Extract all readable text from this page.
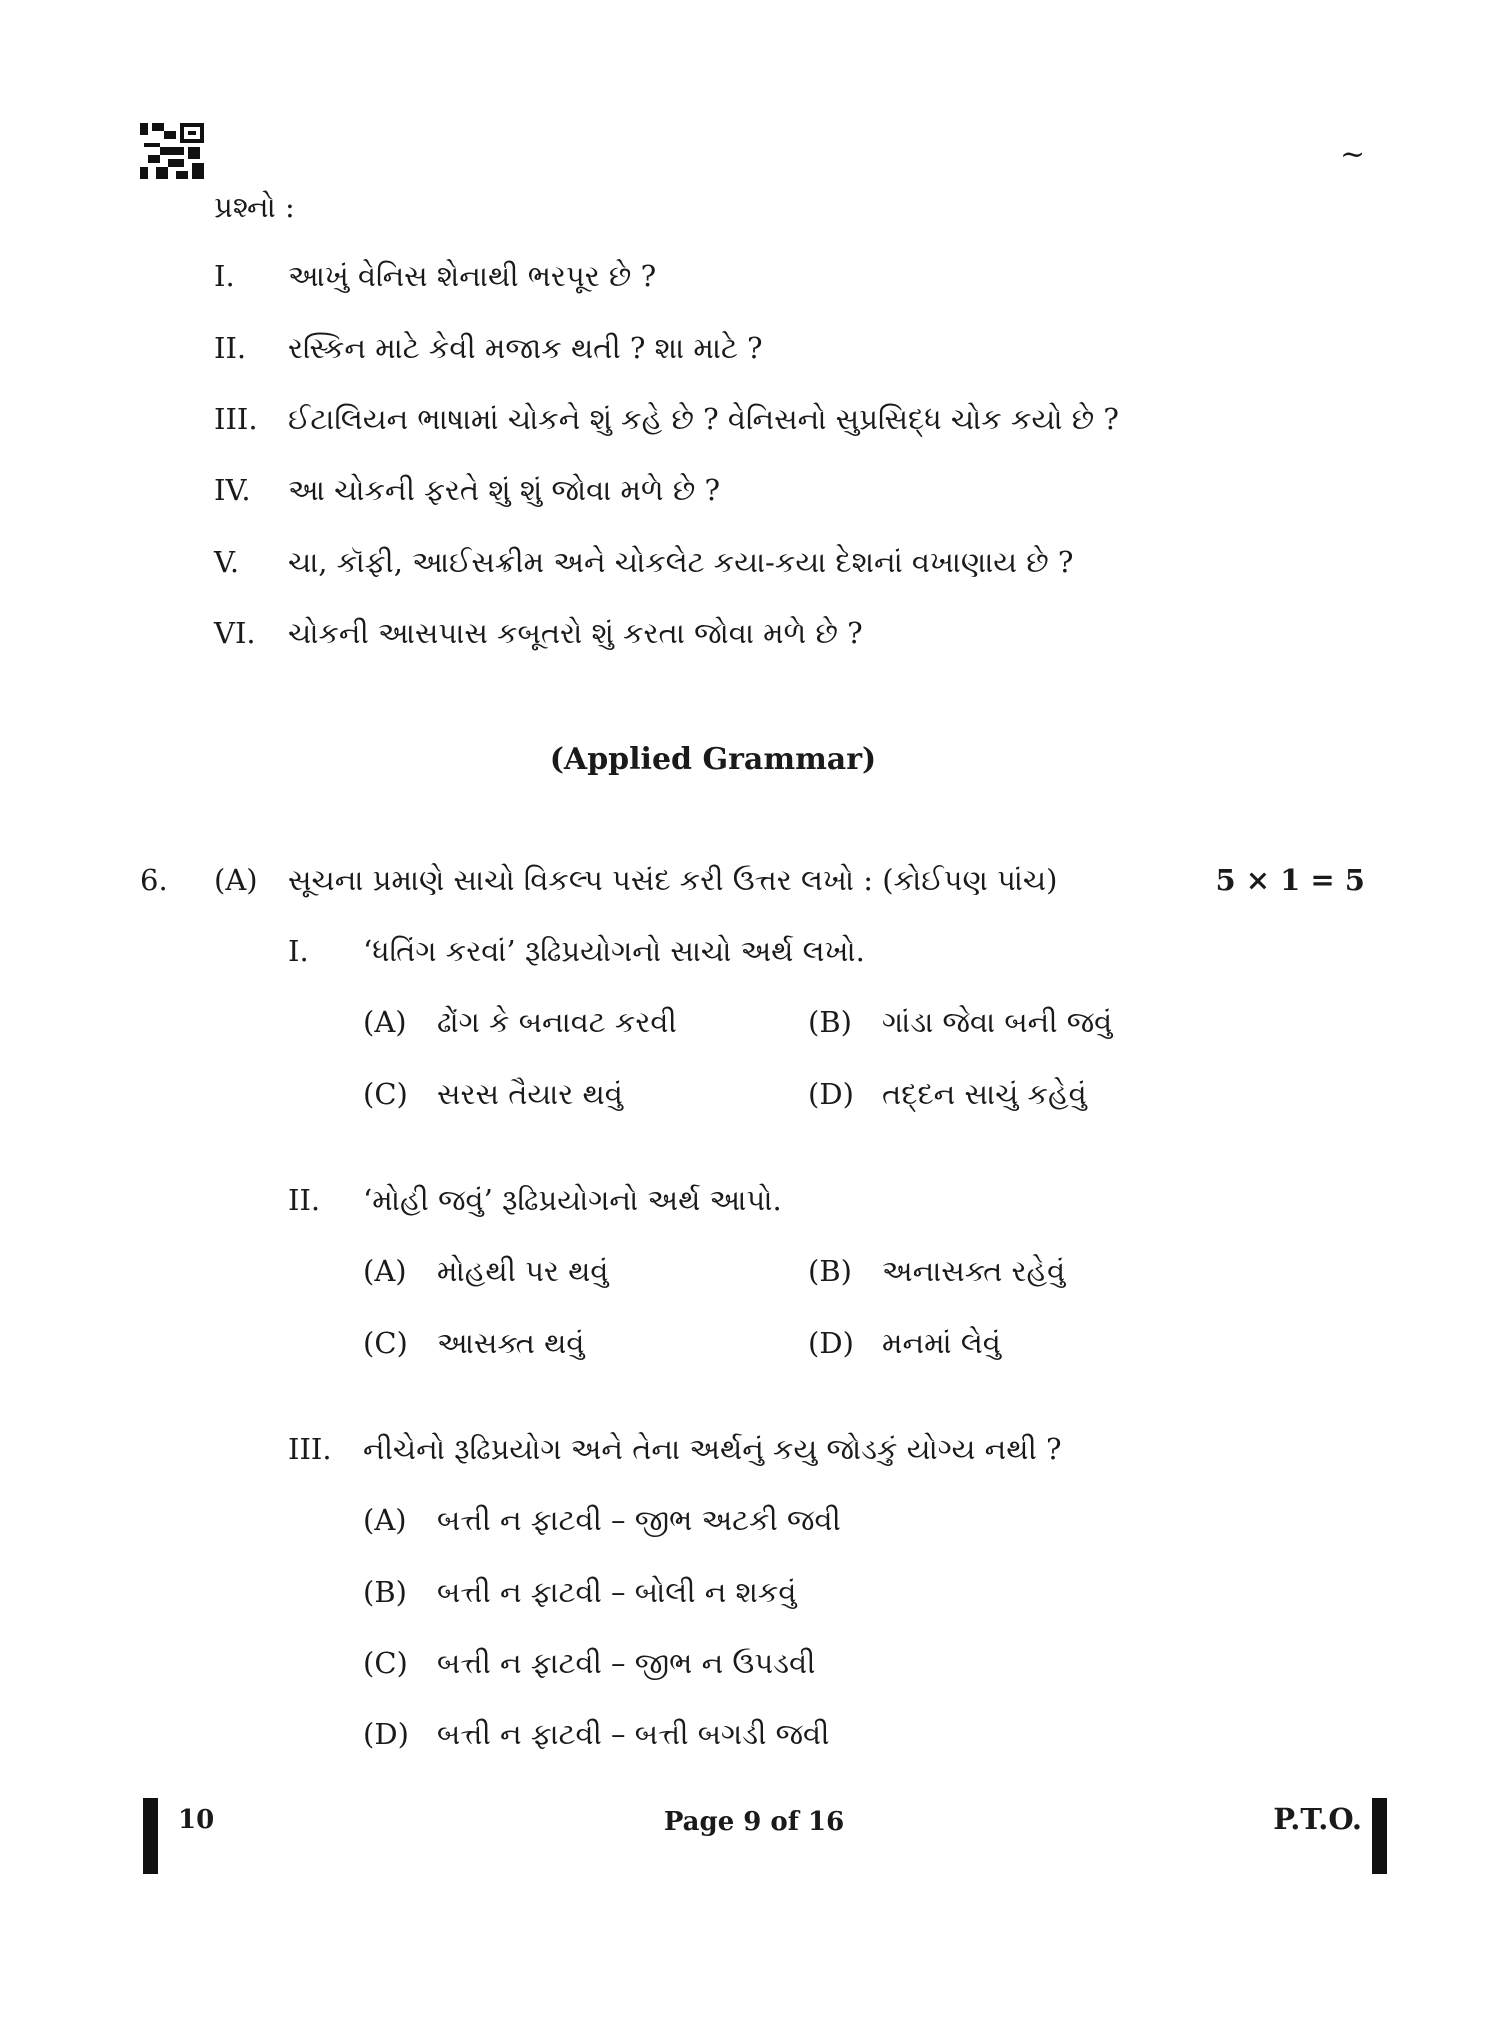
~
પ્રશ્નો :
I. આખું વેનિસ શેનાથી ભરપૂર છે ?
II. રસ્કિન માટે કેવી મજાક થતી ? શા માટે ?
III. ઈટાલિયન ભાષામાં ચોકને શું કહે છે ? વેનિસનો સુપ્રસિદ્ધ ચોક કયો છે ?
IV. આ ચોકની ફરતે શું શું જોવા મળે છે ?
V. ચા, કૉફી, આઈસક્રીમ અને ચોકલેટ કયા-કયા દેશનાં વખાણાય છે ?
VI. ચોકની આસપાસ કબૂતરો શું કરતા જોવા મળે છે ?
(Applied Grammar)
6. (A) સૂચના પ્રમાણે સાચો વિકલ્પ પસંદ કરી ઉત્તર લખો : (કોઈપણ પાંચ)	5 × 1 = 5
I. ‘ધતિંગ કરવાં’ રૂઢિપ્રયોગનો સાચો અર્થ લખો.
(A) ઢોંગ કે બનાવટ કરવી	(B) ગાંડા જેવા બની જવું
(C) સરસ તૈયાર થવું	(D) તદ્દન સાચું કહેવું
II. ‘મોહી જવું’ રૂઢિપ્રયોગનો અર્થ આપો.
(A) મોહથી પર થવું	(B) અનાસક્ત રહેવું
(C) આસક્ત થવું	(D) મનમાં લેવું
III. નીચેનો રૂઢિપ્રયોગ અને તેના અર્થનું કયુ જોડકું યોગ્ય નથી ?
(A) બત્તી ન ફાટવી – જીભ અટકી જવી
(B) બત્તી ન ફાટવી – બોલી ન શકવું
(C) બત્તી ન ફાટવી – જીભ ન ઉપડવી
(D) બત્તી ન ફાટવી – બત્તી બગડી જવી
10	Page 9 of 16	P.T.O.
